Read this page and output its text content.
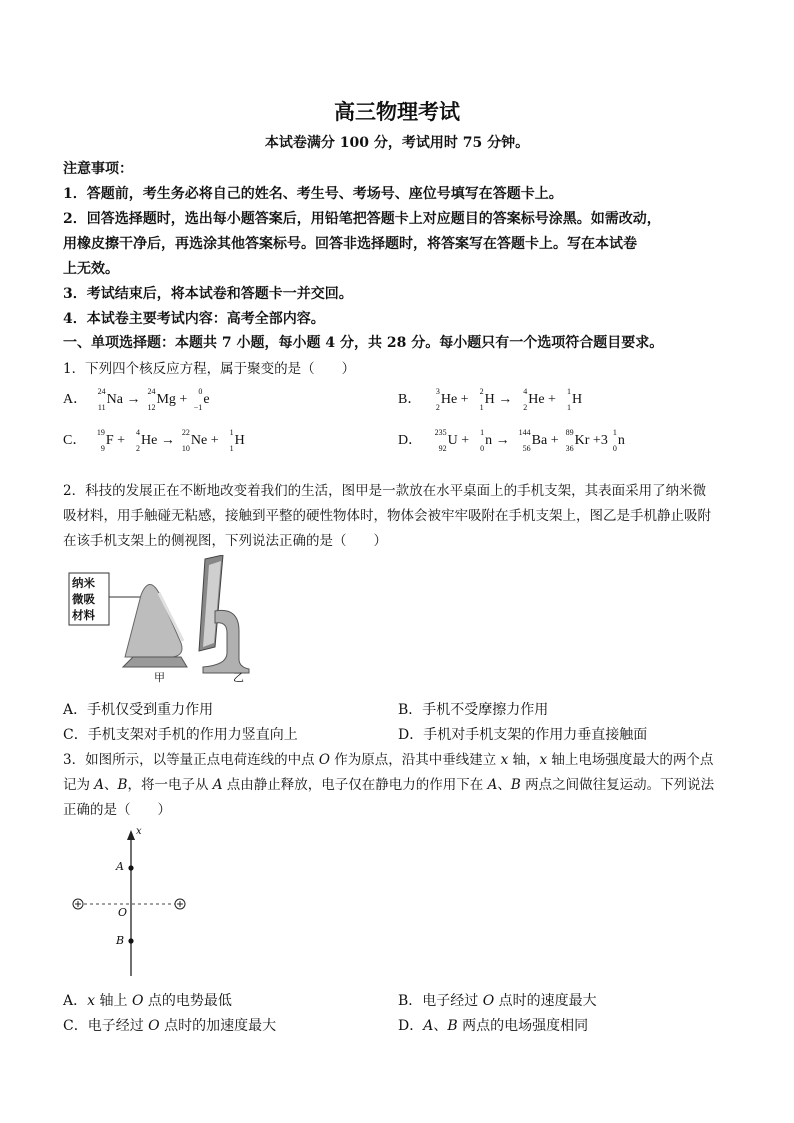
高三物理考试
本试卷满分 100 分，考试用时 75 分钟。
注意事项：
1．答题前，考生务必将自己的姓名、考生号、考场号、座位号填写在答题卡上。
2．回答选择题时，选出每小题答案后，用铅笔把答题卡上对应题目的答案标号涂黑。如需改动，
用橡皮擦干净后，再选涂其他答案标号。回答非选择题时，将答案写在答题卡上。写在本试卷
上无效。
3．考试结束后，将本试卷和答题卡一并交回。
4．本试卷主要考试内容：高考全部内容。
一、单项选择题：本题共 7 小题，每小题 4 分，共 28 分。每小题只有一个选项符合题目要求。
1．下列四个核反应方程，属于聚变的是（　　）
A．
24
11
Na →
24
12
Mg +
0
−1
e	B．
3
2
He +
2
1
H →
4
2
He +
1
1
H
C．
19
9
F +
4
2
He →
22
10
Ne +
1
1
H	D．
235
92
U +
1
0
n →
144
56
Ba +
89
36
Kr +3
1
0
n
2．科技的发展正在不断地改变着我们的生活，图甲是一款放在水平桌面上的手机支架，其表面采用了纳米微
吸材料，用手触碰无粘感，接触到平整的硬性物体时，物体会被牢牢吸附在手机支架上，图乙是手机静止吸附
在该手机支架上的侧视图，下列说法正确的是（　　）
纳米
微吸
材料
甲	乙
A．手机仅受到重力作用	B．手机不受摩擦力作用
C．手机支架对手机的作用力竖直向上	D．手机对手机支架的作用力垂直接触面
3．如图所示，以等量正点电荷连线的中点 O 作为原点，沿其中垂线建立 x 轴，x 轴上电场强度最大的两个点
记为 A、B，将一电子从 A 点由静止释放，电子仅在静电力的作用下在 A、B 两点之间做往复运动。下列说法
正确的是（　　）
x
A
O
B
A．x 轴上 O 点的电势最低	B．电子经过 O 点时的速度最大
C．电子经过 O 点时的加速度最大	D．A、B 两点的电场强度相同
